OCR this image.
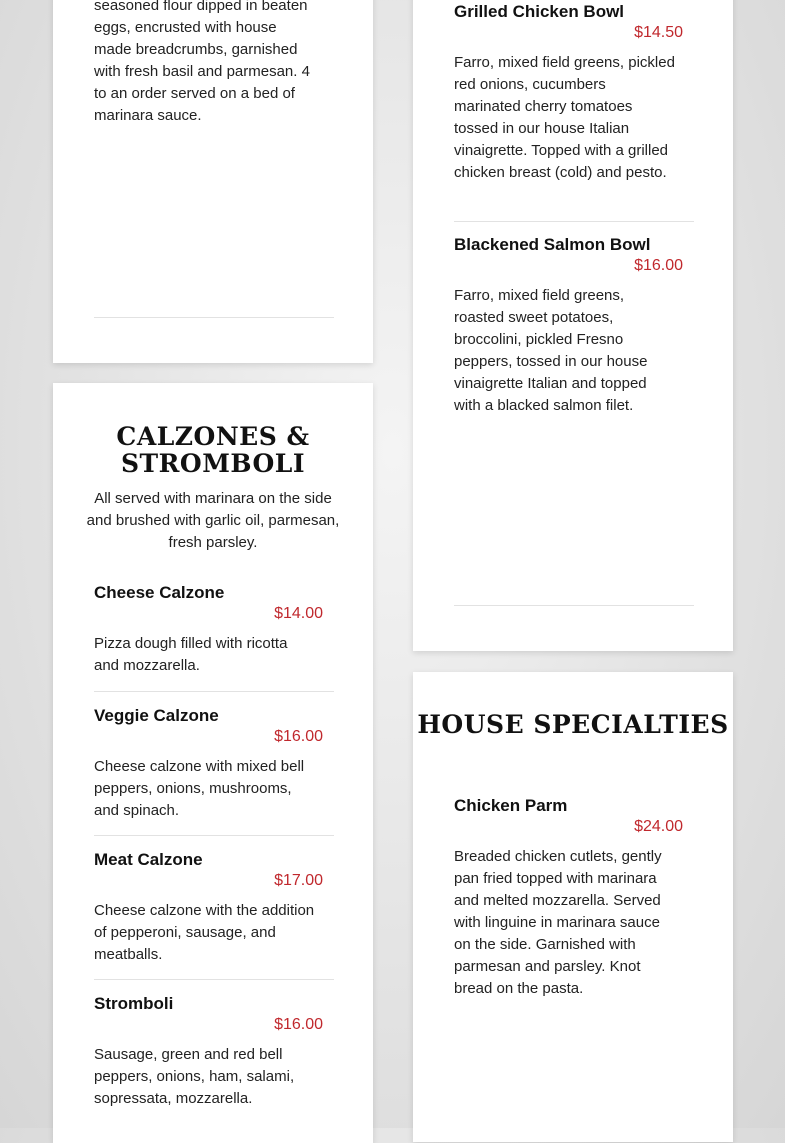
seasoned flour dipped in beaten eggs, encrusted with house made breadcrumbs, garnished with fresh basil and parmesan. 4 to an order served on a bed of marinara sauce.
CALZONES & STROMBOLI
All served with marinara on the side and brushed with garlic oil, parmesan, fresh parsley.
Cheese Calzone
$14.00
Pizza dough filled with ricotta and mozzarella.
Veggie Calzone
$16.00
Cheese calzone with mixed bell peppers, onions, mushrooms, and spinach.
Meat Calzone
$17.00
Cheese calzone with the addition of pepperoni, sausage, and meatballs.
Stromboli
$16.00
Sausage, green and red bell peppers, onions, ham, salami, sopressata, mozzarella.
Grilled Chicken Bowl
$14.50
Farro, mixed field greens, pickled red onions, cucumbers marinated cherry tomatoes tossed in our house Italian vinaigrette. Topped with a grilled chicken breast (cold) and pesto.
Blackened Salmon Bowl
$16.00
Farro, mixed field greens, roasted sweet potatoes, broccolini, pickled Fresno peppers, tossed in our house vinaigrette Italian and topped with a blacked salmon filet.
HOUSE SPECIALTIES
Chicken Parm
$24.00
Breaded chicken cutlets, gently pan fried topped with marinara and melted mozzarella. Served with linguine in marinara sauce on the side. Garnished with parmesan and parsley. Knot bread on the pasta.
